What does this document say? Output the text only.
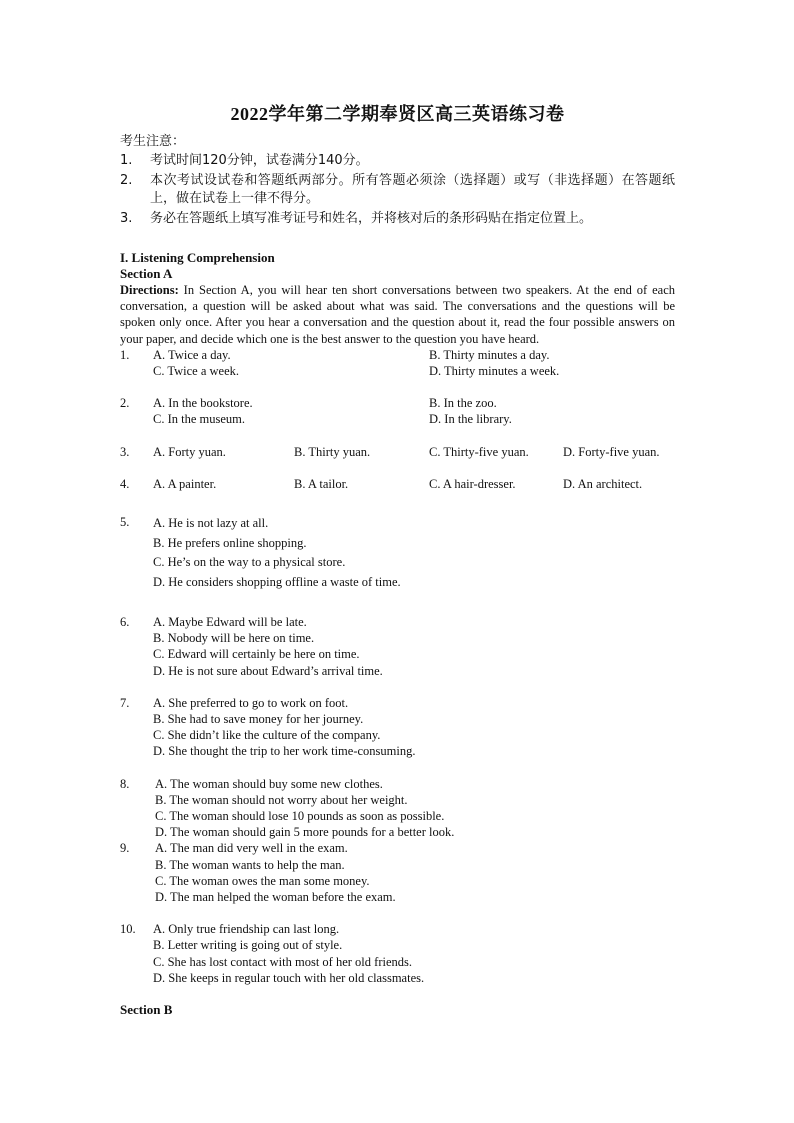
2022学年第二学期奉贤区高三英语练习卷
考生注意：
1.	考试时间120分钟，试卷满分140分。
2.	本次考试设试卷和答题纸两部分。所有答题必须涂（选择题）或写（非选择题）在答题纸上，做在试卷上一律不得分。
3.	务必在答题纸上填写准考证号和姓名，并将核对后的条形码贴在指定位置上。
I. Listening Comprehension
Section A
Directions: In Section A, you will hear ten short conversations between two speakers. At the end of each conversation, a question will be asked about what was said. The conversations and the questions will be spoken only once. After you hear a conversation and the question about it, read the four possible answers on your paper, and decide which one is the best answer to the question you have heard.
1.	A. Twice a day.	B. Thirty minutes a day.
C. Twice a week.	D. Thirty minutes a week.
2.	A. In the bookstore.	B. In the zoo.
C. In the museum.	D. In the library.
3.	A. Forty yuan.	B. Thirty yuan.	C. Thirty-five yuan.	D. Forty-five yuan.
4.	A. A painter.	B. A tailor.	C. A hair-dresser.	D. An architect.
5.	A. He is not lazy at all.
B. He prefers online shopping.
C. He’s on the way to a physical store.
D. He considers shopping offline a waste of time.
6.	A. Maybe Edward will be late.
B. Nobody will be here on time.
C. Edward will certainly be here on time.
D. He is not sure about Edward’s arrival time.
7.	A. She preferred to go to work on foot.
B. She had to save money for her journey.
C. She didn’t like the culture of the company.
D. She thought the trip to her work time-consuming.
8.	A. The woman should buy some new clothes.
B. The woman should not worry about her weight.
C. The woman should lose 10 pounds as soon as possible.
D. The woman should gain 5 more pounds for a better look.
9.	A. The man did very well in the exam.
B. The woman wants to help the man.
C. The woman owes the man some money.
D. The man helped the woman before the exam.
10.	A. Only true friendship can last long.
B. Letter writing is going out of style.
C. She has lost contact with most of her old friends.
D. She keeps in regular touch with her old classmates.
Section B
